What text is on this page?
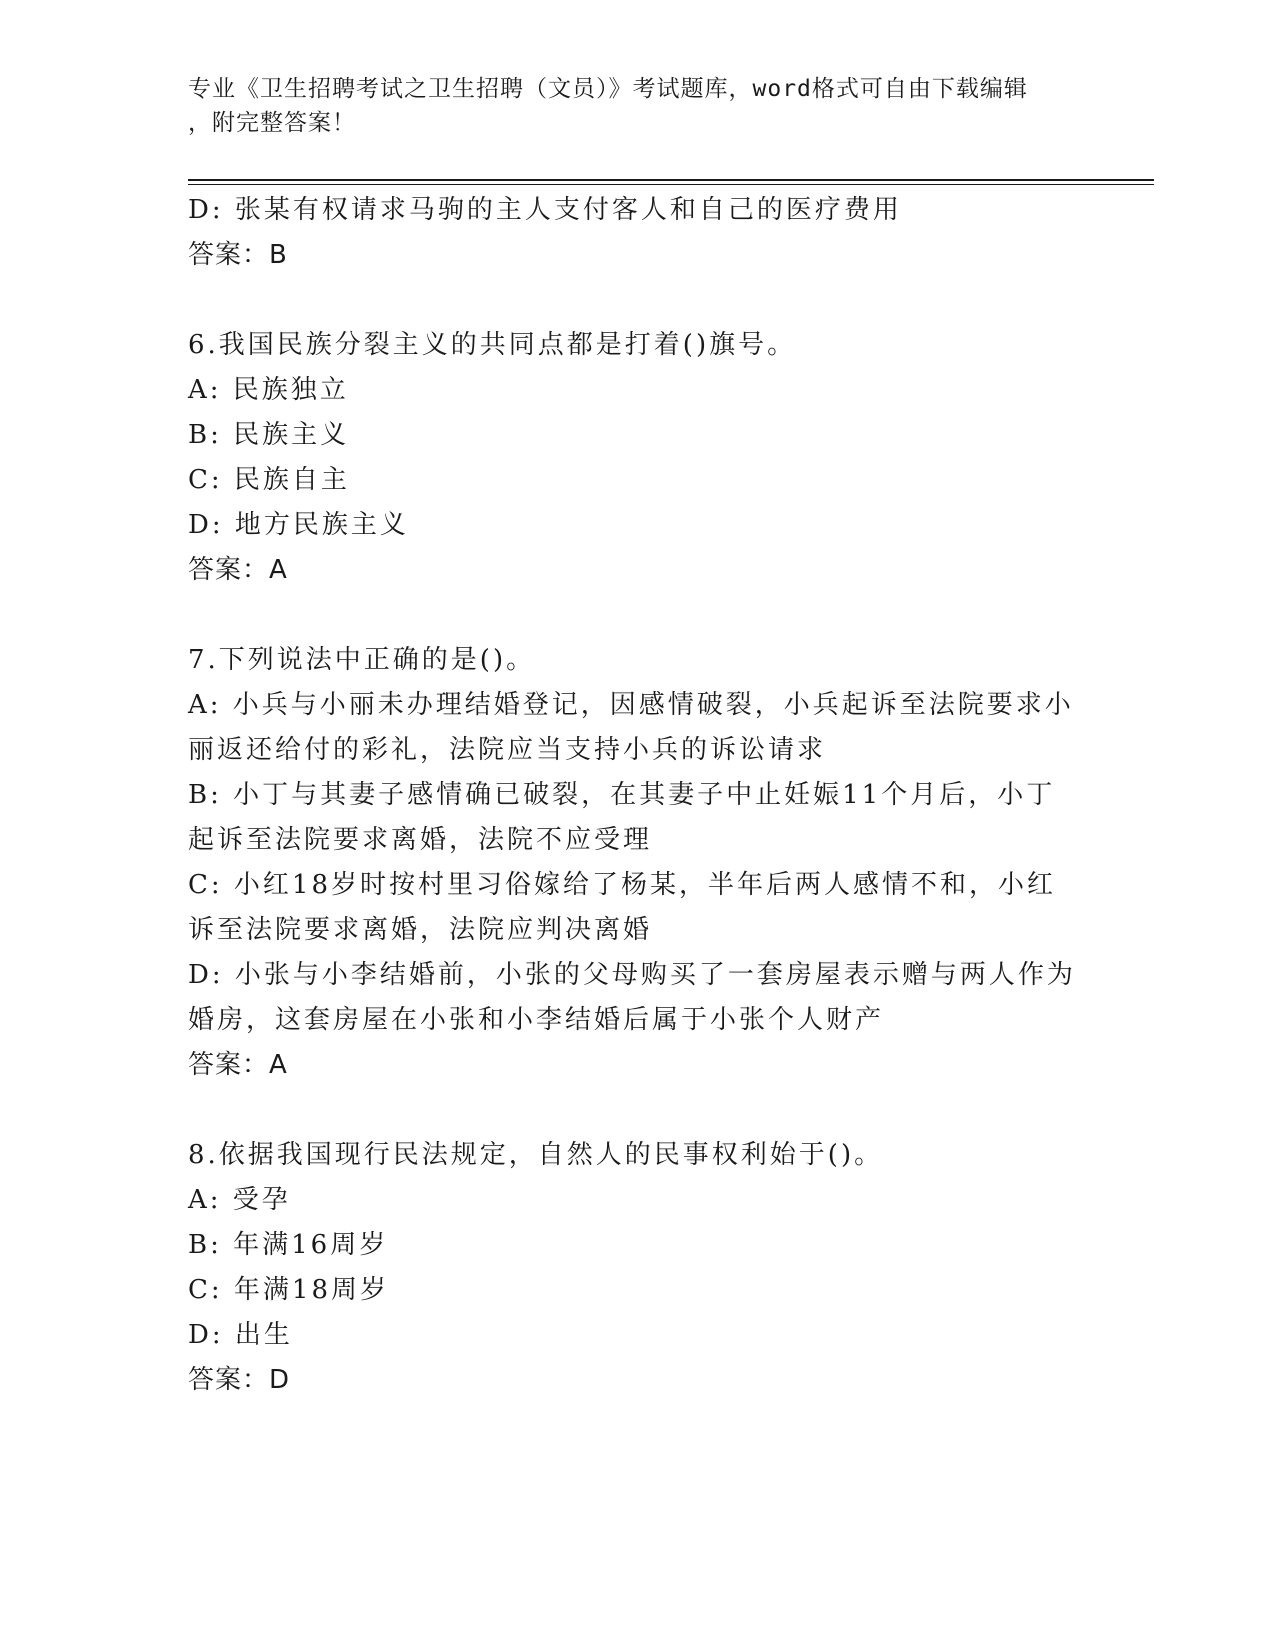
专业《卫生招聘考试之卫生招聘（文员）》考试题库，word格式可自由下载编辑
，附完整答案！
D: 张某有权请求马驹的主人支付客人和自己的医疗费用
答案：B
6.我国民族分裂主义的共同点都是打着()旗号。
A: 民族独立
B: 民族主义
C: 民族自主
D: 地方民族主义
答案：A
7.下列说法中正确的是()。
A: 小兵与小丽未办理结婚登记，因感情破裂，小兵起诉至法院要求小
丽返还给付的彩礼，法院应当支持小兵的诉讼请求
B: 小丁与其妻子感情确已破裂，在其妻子中止妊娠11个月后，小丁
起诉至法院要求离婚，法院不应受理
C: 小红18岁时按村里习俗嫁给了杨某，半年后两人感情不和，小红
诉至法院要求离婚，法院应判决离婚
D: 小张与小李结婚前，小张的父母购买了一套房屋表示赠与两人作为
婚房，这套房屋在小张和小李结婚后属于小张个人财产
答案：A
8.依据我国现行民法规定，自然人的民事权利始于()。
A: 受孕
B: 年满16周岁
C: 年满18周岁
D: 出生
答案：D
